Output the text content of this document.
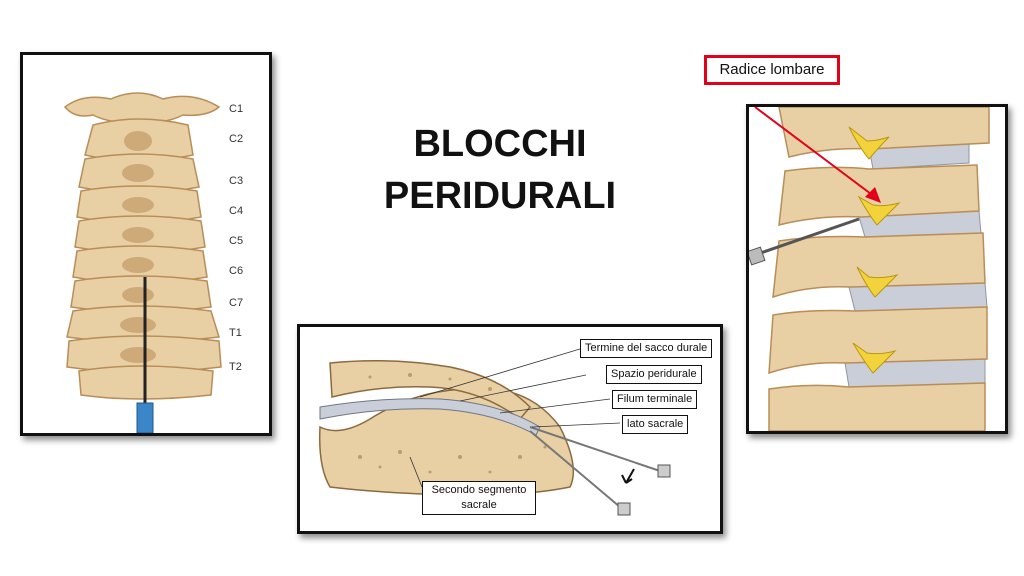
BLOCCHI
PERIDURALI
Radice lombare
C1
C2
C3
C4
C5
C6
C7
T1
T2
Termine del sacco durale
Spazio peridurale
Filum terminale
lato sacrale
Secondo segmento
sacrale
